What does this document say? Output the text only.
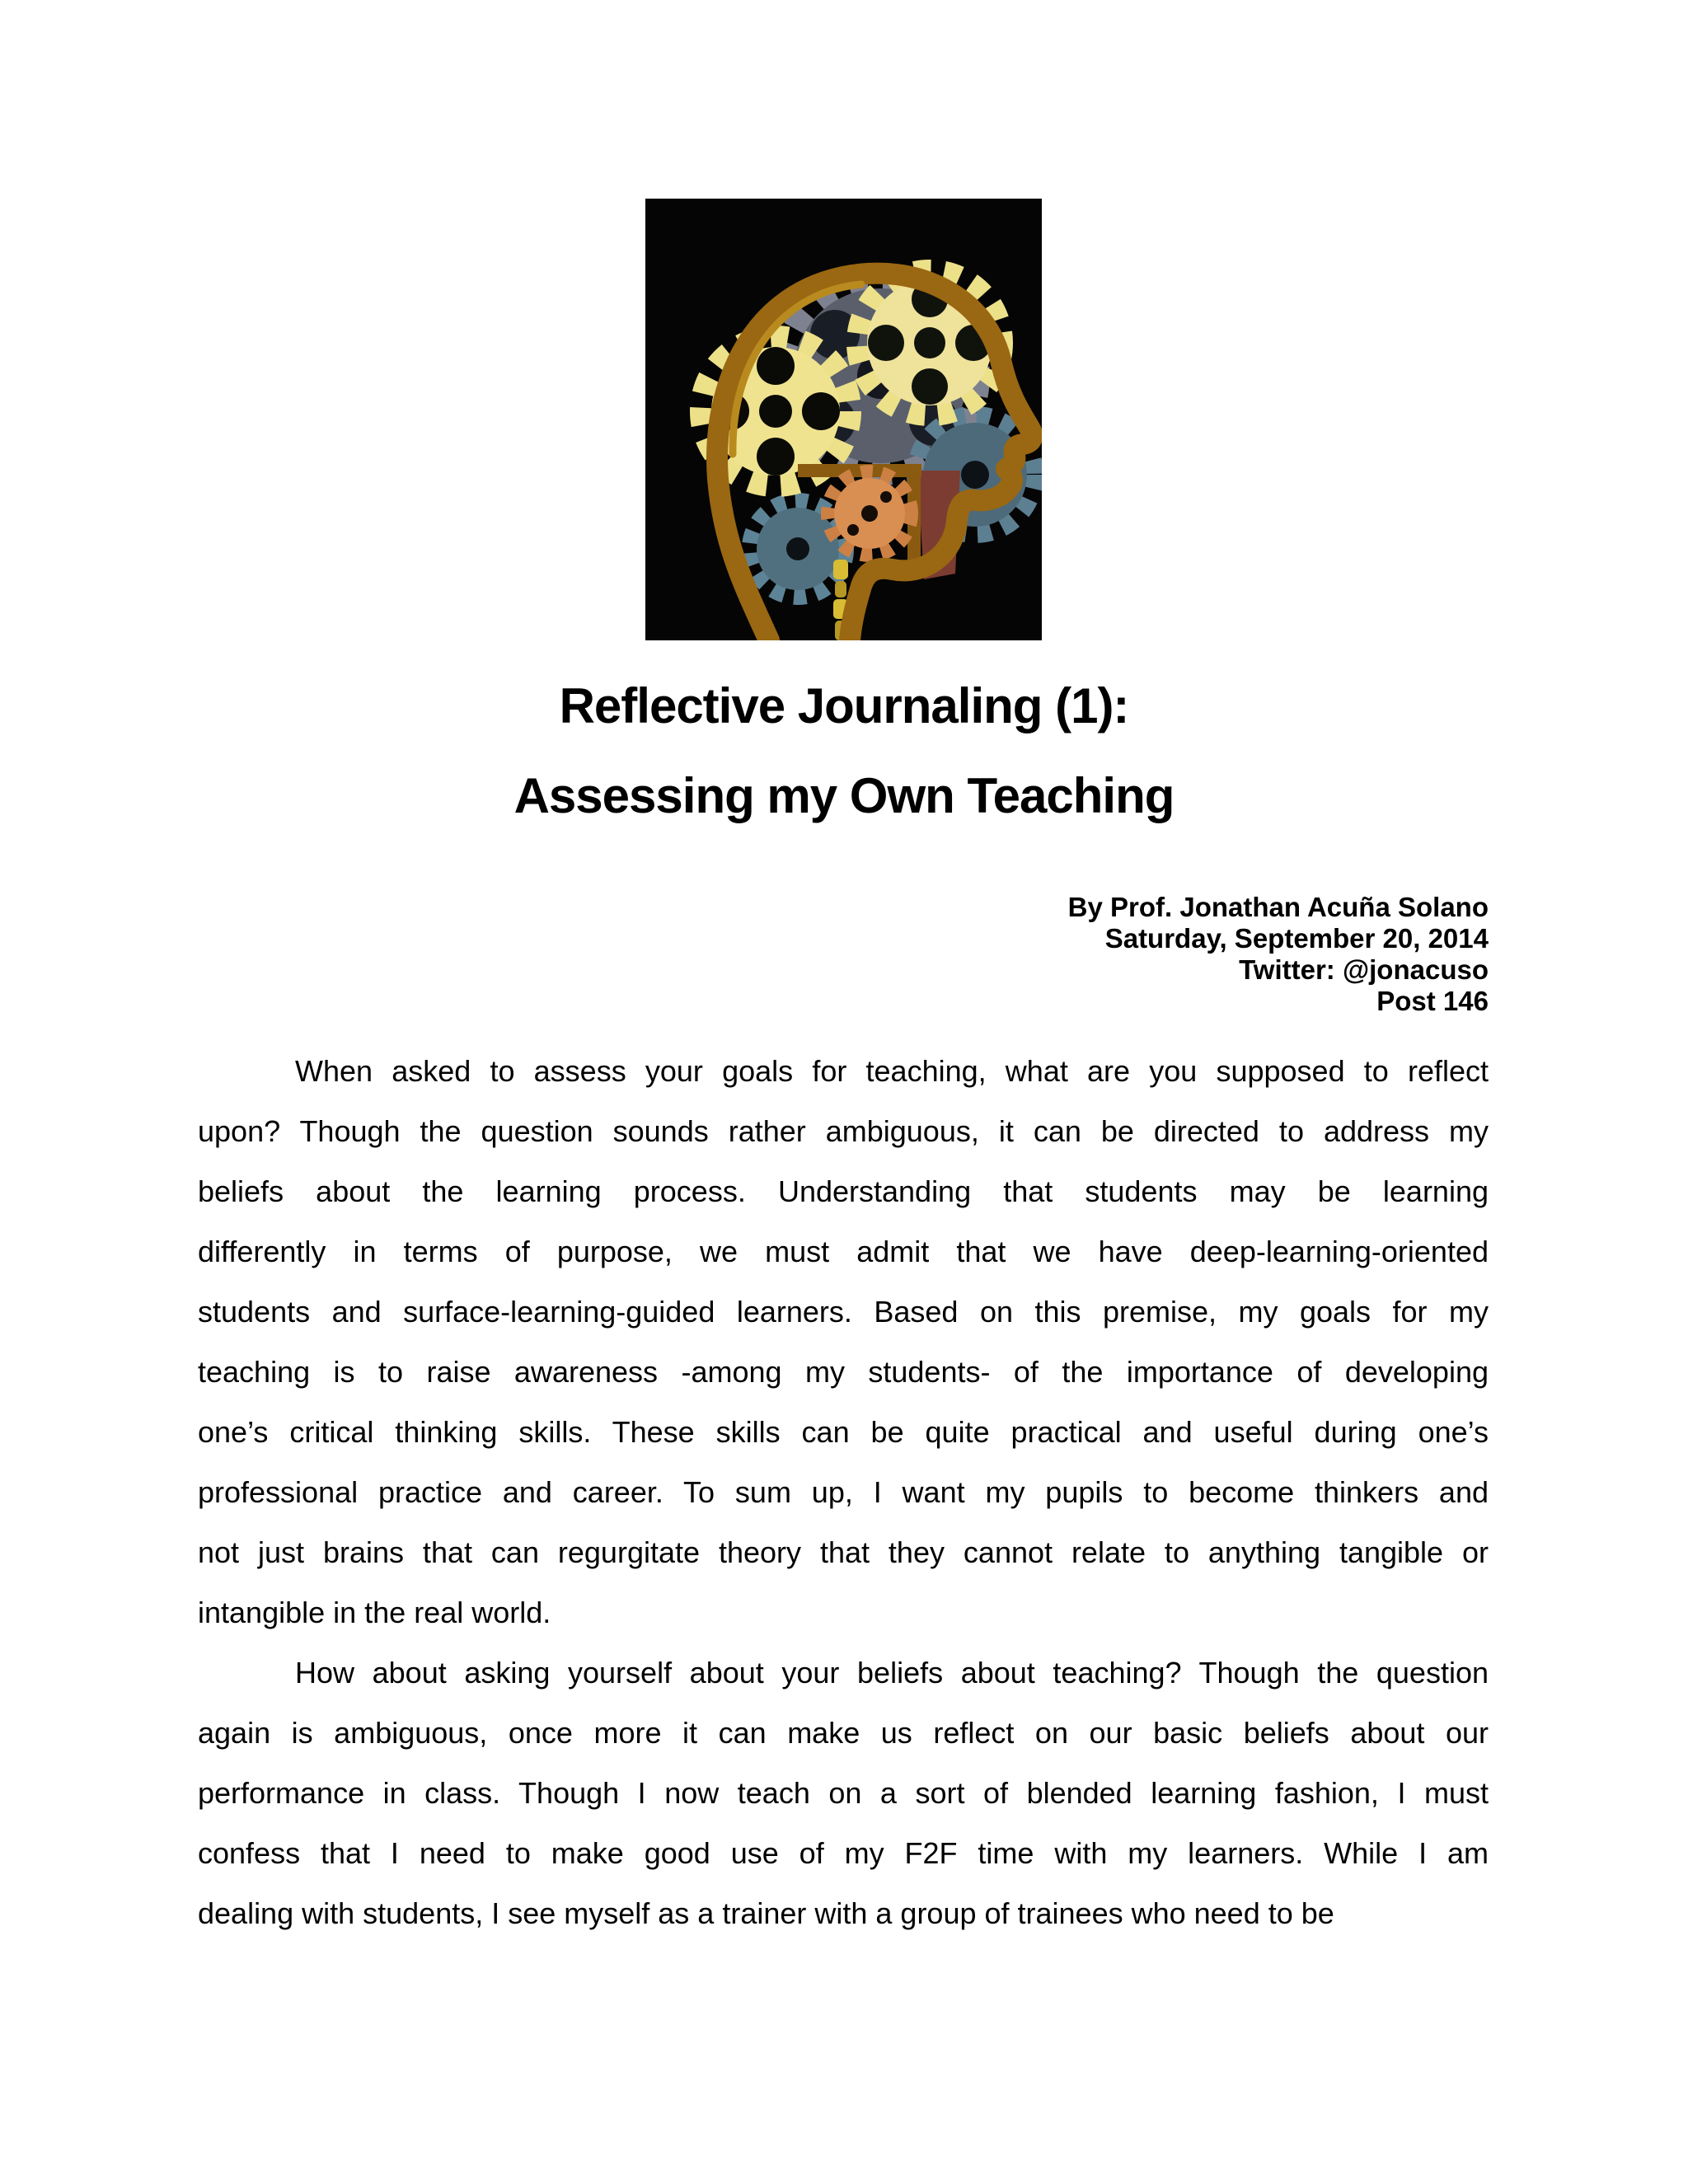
Reflective Journaling (1):
Assessing my Own Teaching
By Prof. Jonathan Acuña Solano
Saturday, September 20, 2014
Twitter: @jonacuso
Post 146
When asked to assess your goals for teaching, what are you supposed to reflect
upon? Though the question sounds rather ambiguous, it can be directed to address my
beliefs about the learning process. Understanding that students may be learning
differently in terms of purpose, we must admit that we have deep-learning-oriented
students and surface-learning-guided learners. Based on this premise, my goals for my
teaching is to raise awareness -among my students- of the importance of developing
one’s critical thinking skills. These skills can be quite practical and useful during one’s
professional practice and career. To sum up, I want my pupils to become thinkers and
not just brains that can regurgitate theory that they cannot relate to anything tangible or
intangible in the real world.
How about asking yourself about your beliefs about teaching? Though the question
again is ambiguous, once more it can make us reflect on our basic beliefs about our
performance in class. Though I now teach on a sort of blended learning fashion, I must
confess that I need to make good use of my F2F time with my learners. While I am
dealing with students, I see myself as a trainer with a group of trainees who need to be
